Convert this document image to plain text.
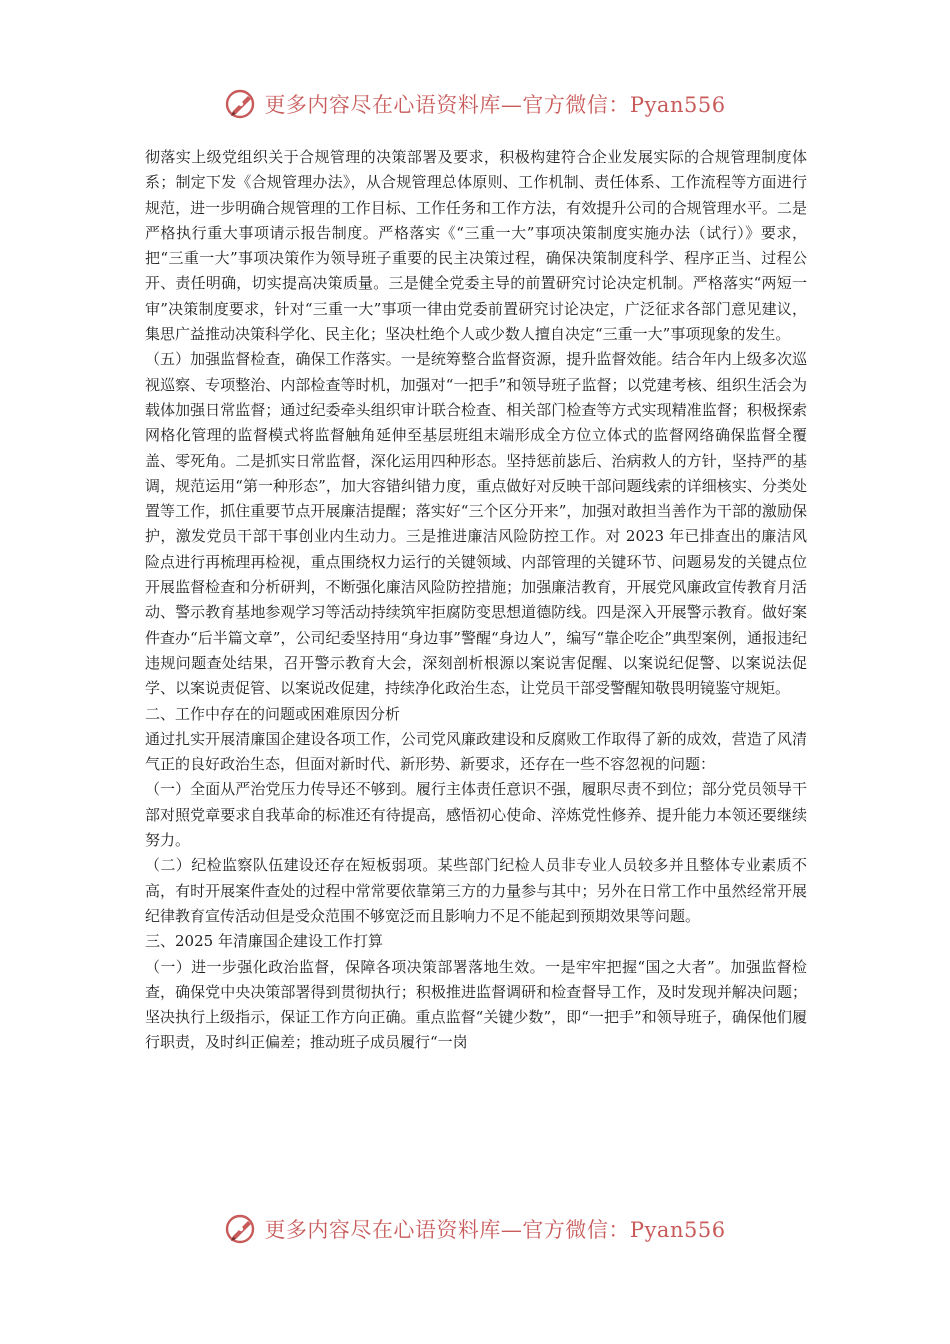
更多内容尽在心语资料库—官方微信：Pyan556

彻落实上级党组织关于合规管理的决策部署及要求，积极构建符合企业发展实际的合规管理制度体系；制定下发《合规管理办法》，从合规管理总体原则、工作机制、责任体系、工作流程等方面进行规范，进一步明确合规管理的工作目标、工作任务和工作方法，有效提升公司的合规管理水平。二是严格执行重大事项请示报告制度。严格落实《“三重一大”事项决策制度实施办法（试行）》要求，把“三重一大”事项决策作为领导班子重要的民主决策过程，确保决策制度科学、程序正当、过程公开、责任明确，切实提高决策质量。三是健全党委主导的前置研究讨论决定机制。严格落实“两短一审”决策制度要求，针对“三重一大”事项一律由党委前置研究讨论决定，广泛征求各部门意见建议，集思广益推动决策科学化、民主化；坚决杜绝个人或少数人擅自决定“三重一大”事项现象的发生。

（五）加强监督检查，确保工作落实。一是统筹整合监督资源，提升监督效能。结合年内上级多次巡视巡察、专项整治、内部检查等时机，加强对“一把手”和领导班子监督；以党建考核、组织生活会为载体加强日常监督；通过纪委牵头组织审计联合检查、相关部门检查等方式实现精准监督；积极探索网格化管理的监督模式将监督触角延伸至基层班组末端形成全方位立体式的监督网络确保监督全覆盖、零死角。二是抓实日常监督，深化运用四种形态。坚持惩前毖后、治病救人的方针，坚持严的基调，规范运用“第一种形态”，加大容错纠错力度，重点做好对反映干部问题线索的详细核实、分类处置等工作，抓住重要节点开展廉洁提醒；落实好“三个区分开来”，加强对敢担当善作为干部的激励保护，激发党员干部干事创业内生动力。三是推进廉洁风险防控工作。对 2023 年已排查出的廉洁风险点进行再梳理再检视，重点围绕权力运行的关键领域、内部管理的关键环节、问题易发的关键点位开展监督检查和分析研判，不断强化廉洁风险防控措施；加强廉洁教育，开展党风廉政宣传教育月活动、警示教育基地参观学习等活动持续筑牢拒腐防变思想道德防线。四是深入开展警示教育。做好案件查办“后半篇文章”，公司纪委坚持用“身边事”警醒“身边人”，编写“靠企吃企”典型案例，通报违纪违规问题查处结果，召开警示教育大会，深刻剖析根源以案说害促醒、以案说纪促警、以案说法促学、以案说责促管、以案说改促建，持续净化政治生态，让党员干部受警醒知敬畏明镜鉴守规矩。

二、工作中存在的问题或困难原因分析

通过扎实开展清廉国企建设各项工作，公司党风廉政建设和反腐败工作取得了新的成效，营造了风清气正的良好政治生态，但面对新时代、新形势、新要求，还存在一些不容忽视的问题：

（一）全面从严治党压力传导还不够到。履行主体责任意识不强，履职尽责不到位；部分党员领导干部对照党章要求自我革命的标准还有待提高，感悟初心使命、淬炼党性修养、提升能力本领还要继续努力。

（二）纪检监察队伍建设还存在短板弱项。某些部门纪检人员非专业人员较多并且整体专业素质不高，有时开展案件查处的过程中常常要依靠第三方的力量参与其中；另外在日常工作中虽然经常开展纪律教育宣传活动但是受众范围不够宽泛而且影响力不足不能起到预期效果等问题。

三、2025 年清廉国企建设工作打算

（一）进一步强化政治监督，保障各项决策部署落地生效。一是牢牢把握“国之大者”。加强监督检查，确保党中央决策部署得到贯彻执行；积极推进监督调研和检查督导工作，及时发现并解决问题；坚决执行上级指示，保证工作方向正确。重点监督“关键少数”，即“一把手”和领导班子，确保他们履行职责，及时纠正偏差；推动班子成员履行“一岗

更多内容尽在心语资料库—官方微信：Pyan556
